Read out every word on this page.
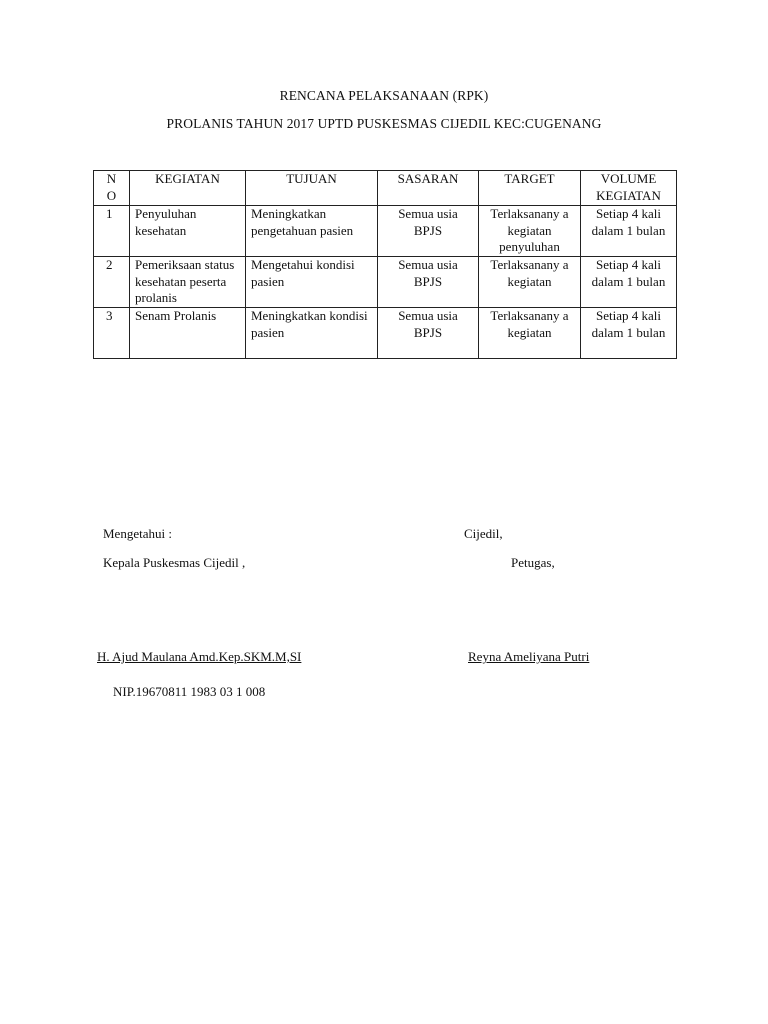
RENCANA PELAKSANAAN (RPK)
PROLANIS TAHUN 2017 UPTD PUSKESMAS CIJEDIL KEC:CUGENANG
N O	KEGIATAN	TUJUAN	SASARAN	TARGET	VOLUME KEGIATAN
1	Penyuluhan kesehatan	Meningkatkan pengetahuan pasien	Semua usia BPJS	Terlaksanany a kegiatan penyuluhan	Setiap 4 kali dalam 1 bulan
2	Pemeriksaan status kesehatan peserta prolanis	Mengetahui kondisi pasien	Semua usia BPJS	Terlaksanany a kegiatan	Setiap 4 kali dalam 1 bulan
3	Senam Prolanis	Meningkatkan kondisi pasien	Semua usia BPJS	Terlaksanany a kegiatan	Setiap 4 kali dalam 1 bulan
Mengetahui :	Cijedil,
Kepala Puskesmas Cijedil ,	Petugas,
H. Ajud Maulana Amd.Kep.SKM.M,SI	Reyna Ameliyana Putri
NIP.19670811 1983 03 1 008
